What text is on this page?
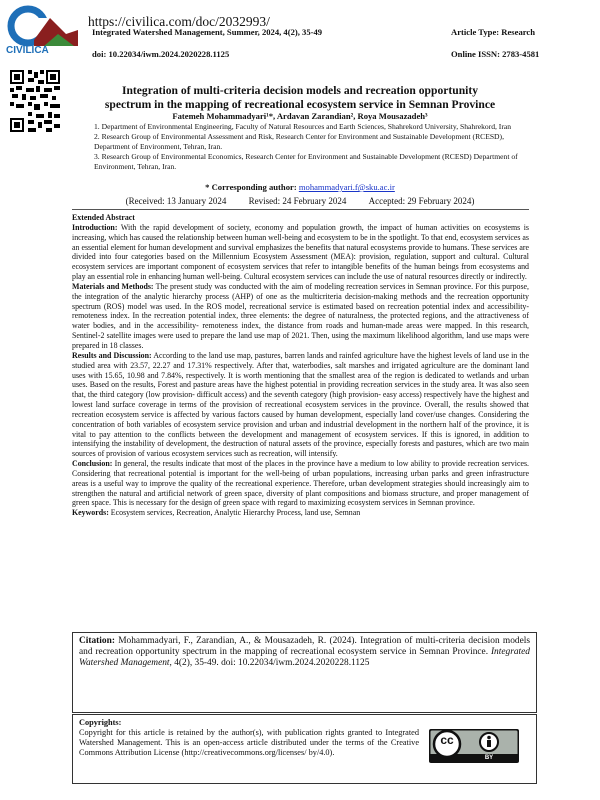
CIVILICA
https://civilica.com/doc/2032993/
Integrated Watershed Management, Summer, 2024, 4(2), 35-49	Article Type: Research
doi: 10.22034/iwm.2024.2020228.1125	Online ISSN: 2783-4581
Integration of multi-criteria decision models and recreation opportunity
spectrum in the mapping of recreational ecosystem service in Semnan Province
Fatemeh Mohammadyari¹*, Ardavan Zarandian², Roya Mousazadeh³
1. Department of Environmental Engineering, Faculty of Natural Resources and Earth Sciences, Shahrekord University, Shahrekord, Iran
2. Research Group of Environmental Assessment and Risk, Research Center for Environment and Sustainable Development (RCESD), Department of Environment, Tehran, Iran.
3. Research Group of Environmental Economics, Research Center for Environment and Sustainable Development (RCESD) Department of Environment, Tehran, Iran.
* Corresponding author: mohammadyari.f@sku.ac.ir
(Received: 13 January 2024 Revised: 24 February 2024 Accepted: 29 February 2024)

Extended Abstract

Introduction: With the rapid development of society, economy and population growth, the impact of human activities on ecosystems is increasing, which has caused the relationship between human well-being and ecosystem to be in the spotlight. To that end, ecosystem services as an essential element for human development and survival emphasizes the benefits that natural ecosystems provide to humans. These services are divided into four categories based on the Millennium Ecosystem Assessment (MEA): provision, regulation, support and cultural. Cultural ecosystem services are important component of ecosystem services that refer to intangible benefits of the human beings from ecosystems and play an essential role in enhancing human well-being. Cultural ecosystem services can include the use of natural resources directly or indirectly.

Materials and Methods: The present study was conducted with the aim of modeling recreation services in Semnan province. For this purpose, the integration of the analytic hierarchy process (AHP) of one as the multicriteria decision-making methods and the recreation opportunity spectrum (ROS) model was used. In the ROS model, recreational service is estimated based on recreation potential index and accessibility- remoteness index. In the recreation potential index, three elements: the degree of naturalness, the protected regions, and the attractiveness of water bodies, and in the accessibility- remoteness index, the distance from roads and human-made areas were mapped. In this research, Sentinel-2 satellite images were used to prepare the land use map of 2021. Then, using the maximum likelihood algorithm, land use maps were prepared in 18 classes.

Results and Discussion: According to the land use map, pastures, barren lands and rainfed agriculture have the highest levels of land use in the studied area with 23.57, 22.27 and 17.31% respectively. After that, waterbodies, salt marshes and irrigated agriculture are the dominant land uses with 15.65, 10.98 and 7.84%, respectively. It is worth mentioning that the smallest area of the region is dedicated to wetlands and urban uses. Based on the results, Forest and pasture areas have the highest potential in providing recreation services in the study area. It was also seen that, the third category (low provision- difficult access) and the seventh category (high provision- easy access) respectively have the highest and lowest land surface coverage in terms of the provision of recreational ecosystem services in the province. Overall, the results showed that recreation ecosystem service is affected by various factors caused by human development, especially land cover/use changes. Considering the concentration of both variables of ecosystem service provision and urban and industrial development in the northern half of the province, it is vital to pay attention to the conflicts between the development and management of ecosystem services. If this is ignored, in addition to intensifying the instability of development, the destruction of natural assets of the province, especially forests and pastures, which are two main sources of provision of various ecosystem services such as recreation, will intensify.

Conclusion: In general, the results indicate that most of the places in the province have a medium to low ability to provide recreation services. Considering that recreational potential is important for the well-being of urban populations, increasing urban parks and green infrastructure areas is a useful way to improve the quality of the recreational experience. Therefore, urban development strategies should increasingly aim to strengthen the natural and artificial network of green space, diversity of plant compositions and biomass structure, and proper management of green space. This is necessary for the design of green space with regard to maximizing ecosystem services in Semnan province.

Keywords: Ecosystem services, Recreation, Analytic Hierarchy Process, land use, Semnan

Citation: Mohammadyari, F., Zarandian, A., & Mousazadeh, R. (2024). Integration of multi-criteria decision models and recreation opportunity spectrum in the mapping of recreational ecosystem service in Semnan Province. Integrated Watershed Management, 4(2), 35-49. doi: 10.22034/iwm.2024.2020228.1125
Copyrights:
Copyright for this article is retained by the author(s), with publication rights granted to Integrated Watershed Management. This is an open-access article distributed under the terms of the Creative Commons Attribution License (http://creativecommons.org/licenses/ by/4.0).
cc
BY
